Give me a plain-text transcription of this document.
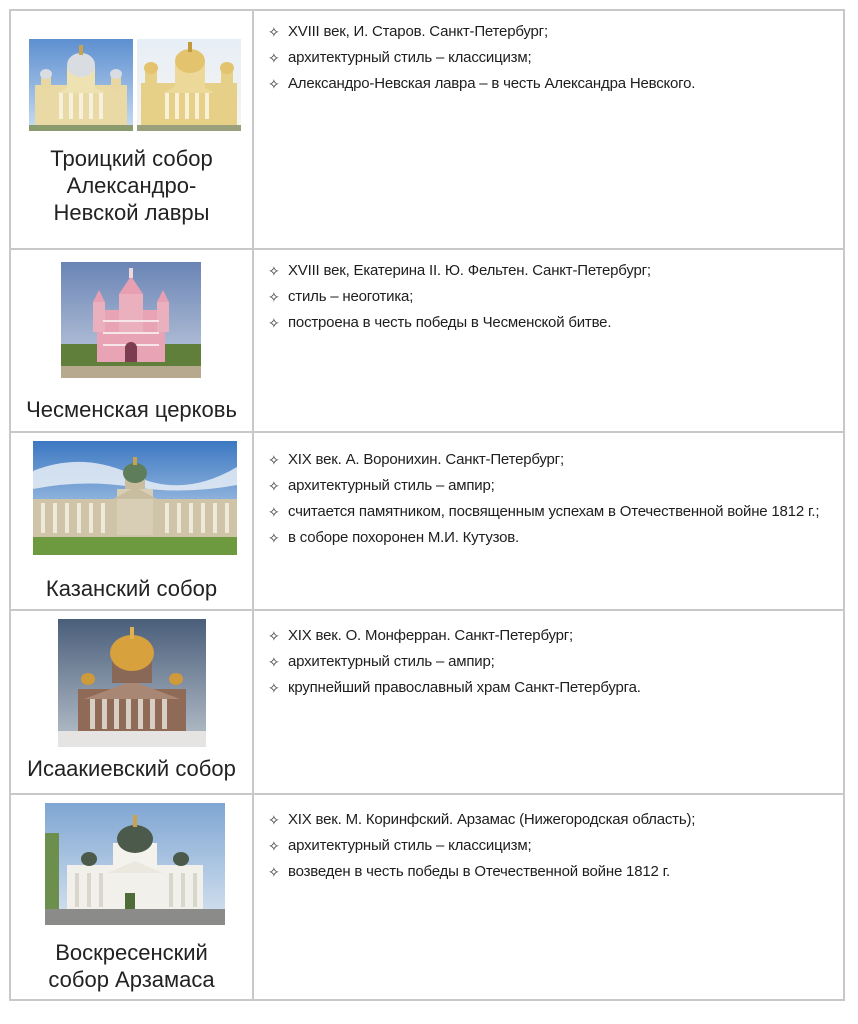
Троицкий собор
Александро-
Невской лавры
✧ XVIII век, И. Старов. Санкт-Петербург;
✧ архитектурный стиль – классицизм;
✧ Александро-Невская лавра – в честь Александра Невского.
Чесменская церковь
✧ XVIII век, Екатерина II. Ю. Фельтен. Санкт-Петербург;
✧ стиль – неоготика;
✧ построена в честь победы в Чесменской битве.
Казанский собор
✧ XIX век. А. Воронихин. Санкт-Петербург;
✧ архитектурный стиль – ампир;
✧ считается памятником, посвященным успехам в Отечественной войне 1812 г.;
✧ в соборе похоронен М.И. Кутузов.
Исаакиевский собор
✧ XIX век. О. Монферран. Санкт-Петербург;
✧ архитектурный стиль – ампир;
✧ крупнейший православный храм Санкт-Петербурга.
Воскресенский
собор Арзамаса
✧ XIX век. М. Коринфский. Арзамас (Нижегородская область);
✧ архитектурный стиль – классицизм;
✧ возведен в честь победы в Отечественной войне 1812 г.
